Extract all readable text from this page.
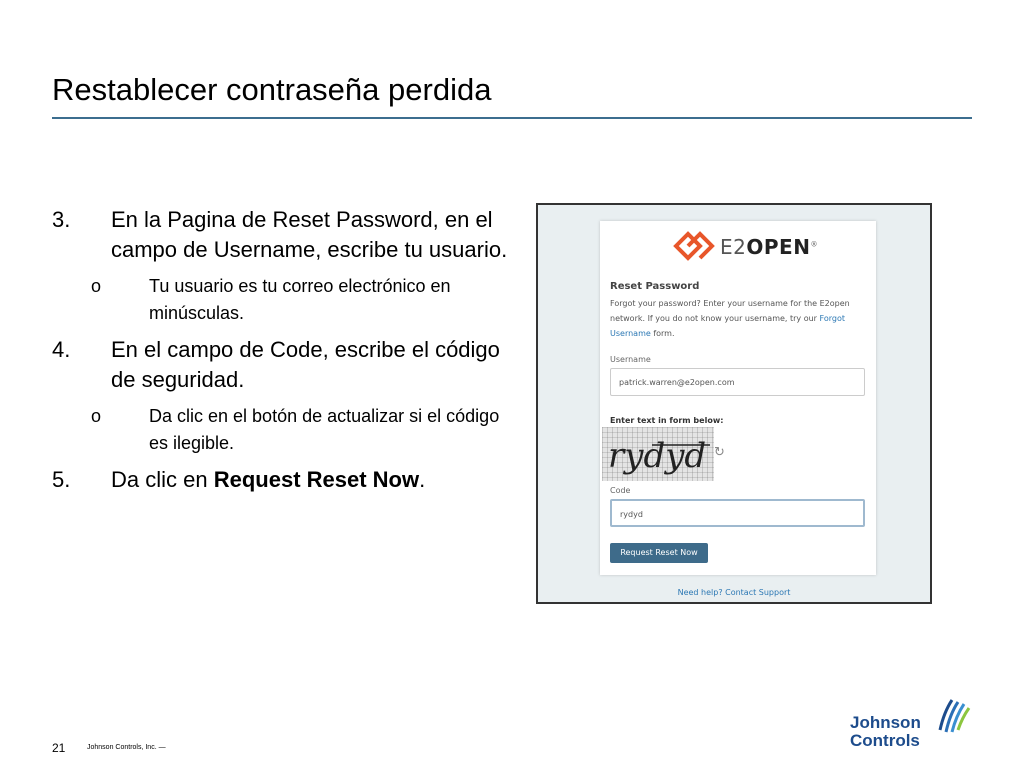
Restablecer contraseña perdida
3. En la Pagina de Reset Password, en el campo de Username, escribe tu usuario.
o	Tu usuario es tu correo electrónico en minúsculas.
4. En el campo de Code, escribe el código de seguridad.
o	Da clic en el botón de actualizar si el código es ilegible.
5. Da clic en Request Reset Now.
E2OPEN®
Reset Password
Forgot your password? Enter your username for the E2open network. If you do not know your username, try our Forgot Username form.
Username
patrick.warren@e2open.com
Enter text in form below:
rydyd ↻
Code
rydyd
Request Reset Now
Need help? Contact Support
21	Johnson Controls, Inc. —
Johnson
Controls
